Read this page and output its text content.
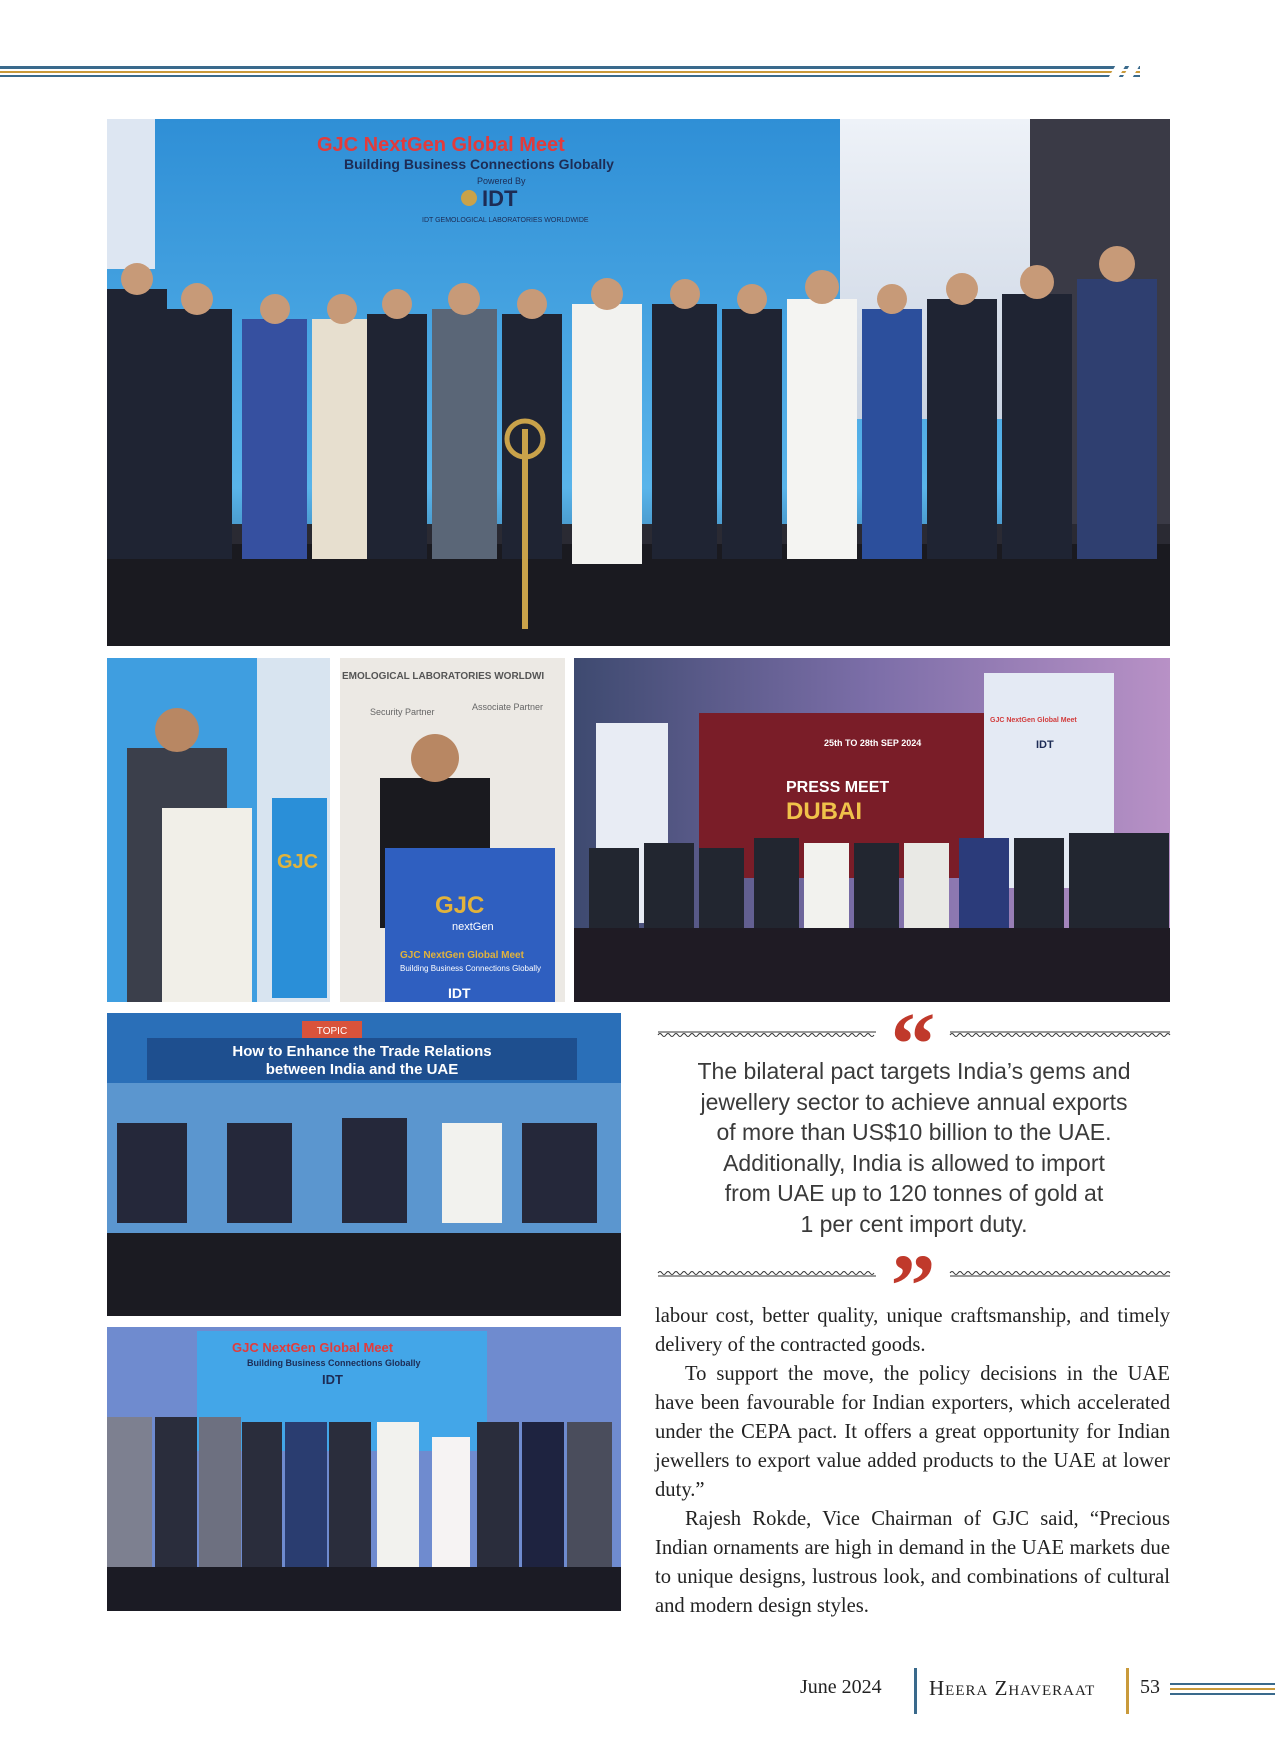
GJC NextGen Global Meet
Building Business Connections Globally
Powered By
IDT
IDT GEMOLOGICAL LABORATORIES WORLDWIDE
GJC
EMOLOGICAL LABORATORIES WORLDWI
Security Partner	Associate Partner
GJC
nextGen
GJC NextGen Global Meet
Building Business Connections Globally
IDT
25th TO 28th SEP 2024
PRESS MEET
DUBAI
GJC NextGen Global Meet
IDT
TOPIC
How to Enhance the Trade Relations
between India and the UAE
GJC NextGen Global Meet
Building Business Connections Globally
IDT
“
The bilateral pact targets India’s gems and
jewellery sector to achieve annual exports
of more than US$10 billion to the UAE.
Additionally, India is allowed to import
from UAE up to 120 tonnes of gold at
1 per cent import duty.
”

labour cost, better quality, unique craftsmanship, and timely delivery of the contracted goods.

To support the move, the policy decisions in the UAE have been favourable for Indian exporters, which accelerated under the CEPA pact. It offers a great opportunity for Indian jewellers to export value added products to the UAE at lower duty.”

Rajesh Rokde, Vice Chairman of GJC said, “Precious Indian ornaments are high in demand in the UAE markets due to unique designs, lustrous look, and combinations of cultural and modern design styles.

June 2024 Heera Zhaveraat 53
